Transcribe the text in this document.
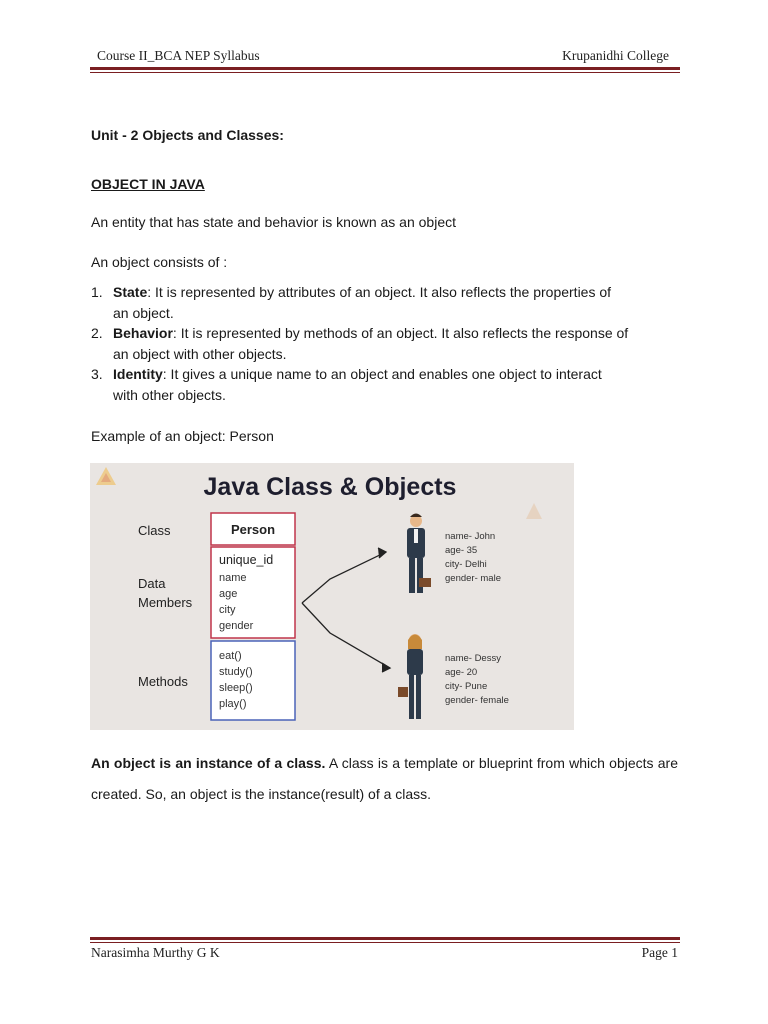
Course II_BCA NEP Syllabus	Krupanidhi College
Unit - 2 Objects and Classes:
OBJECT IN JAVA
An entity that has state and behavior is known as an object
An object consists of :
1. State: It is represented by attributes of an object. It also reflects the properties of
an object.
2. Behavior: It is represented by methods of an object. It also reflects the response of
an object with other objects.
3. Identity: It gives a unique name to an object and enables one object to interact
with other objects.
Example of an object: Person
Java Class & Objects
Class
Data
Members
Methods
Person
unique_id
name
age
city
gender
eat()
study()
sleep()
play()
name- John
age- 35
city- Delhi
gender- male
name- Dessy
age- 20
city- Pune
gender- female
An object is an instance of a class. A class is a template or blueprint from which objects are created. So, an object is the instance(result) of a class.
Narasimha Murthy G K	Page 1
